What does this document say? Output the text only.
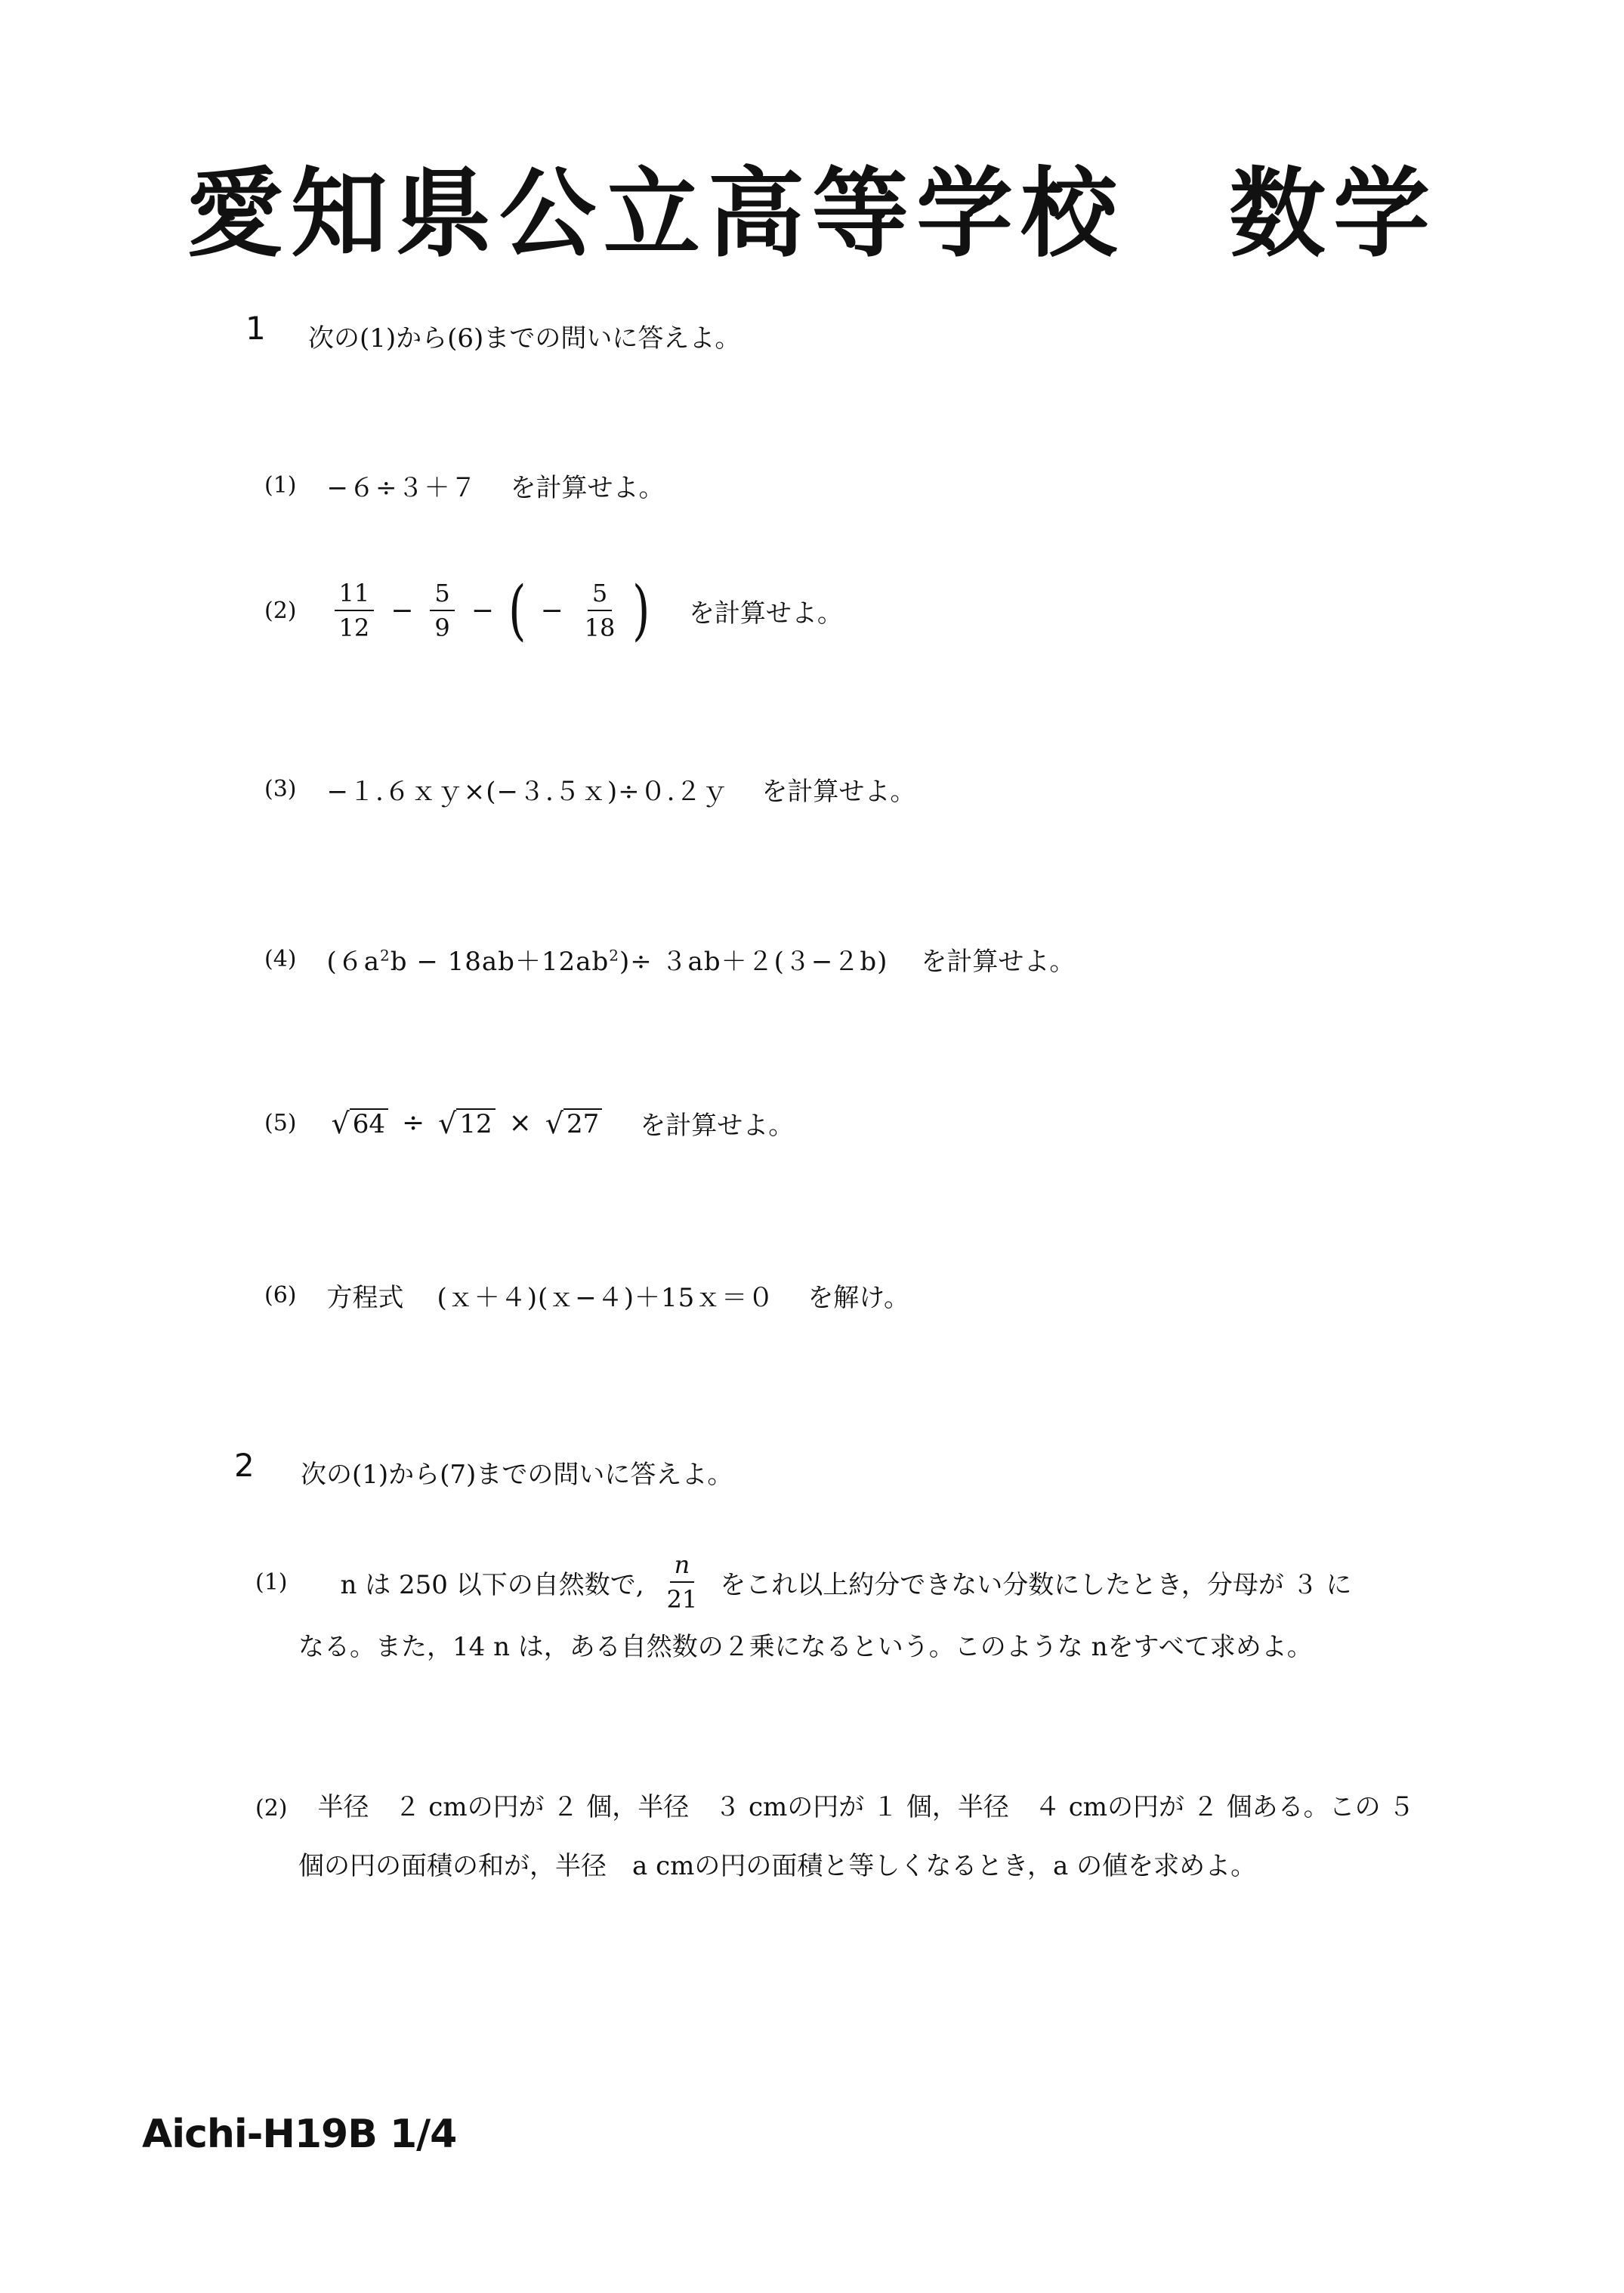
愛知県公立高等学校　数学
1 次の(1)から(6)までの問いに答えよ。
(1) −６÷３＋７ を計算せよ。
$(2) \frac{11}{12} - \frac{5}{9}$ − ( − $\frac{5}{18}$ ) を計算せよ。
(3) −１.６ｘｙ×(−３.５ｘ)÷０.２ｙ を計算せよ。
(4) $(6a^2b - 18ab+12ab^2)\div 3ab+2(3-2b)$ を計算せよ。
(5) √ 64 ÷ √ 12 × √ 27 を計算せよ。
(6) 方程式 (ｘ＋４)(ｘ−４)＋15ｘ＝０ を解け。
2 次の(1)から(7)までの問いに答えよ。
(1) n は 250 以下の自然数で, $\frac{n}{21}$ をこれ以上約分できない分数にしたとき，分母が ３ に
なる。また，14 n は，ある自然数の２乗になるという。このような nをすべて求めよ。
(2) 半径　２ cmの円が ２ 個，半径　３ cmの円が １ 個，半径　４ cmの円が ２ 個ある。この ５
個の円の面積の和が，半径　a cmの円の面積と等しくなるとき，a の値を求めよ。
Aichi-H19B 1/4
